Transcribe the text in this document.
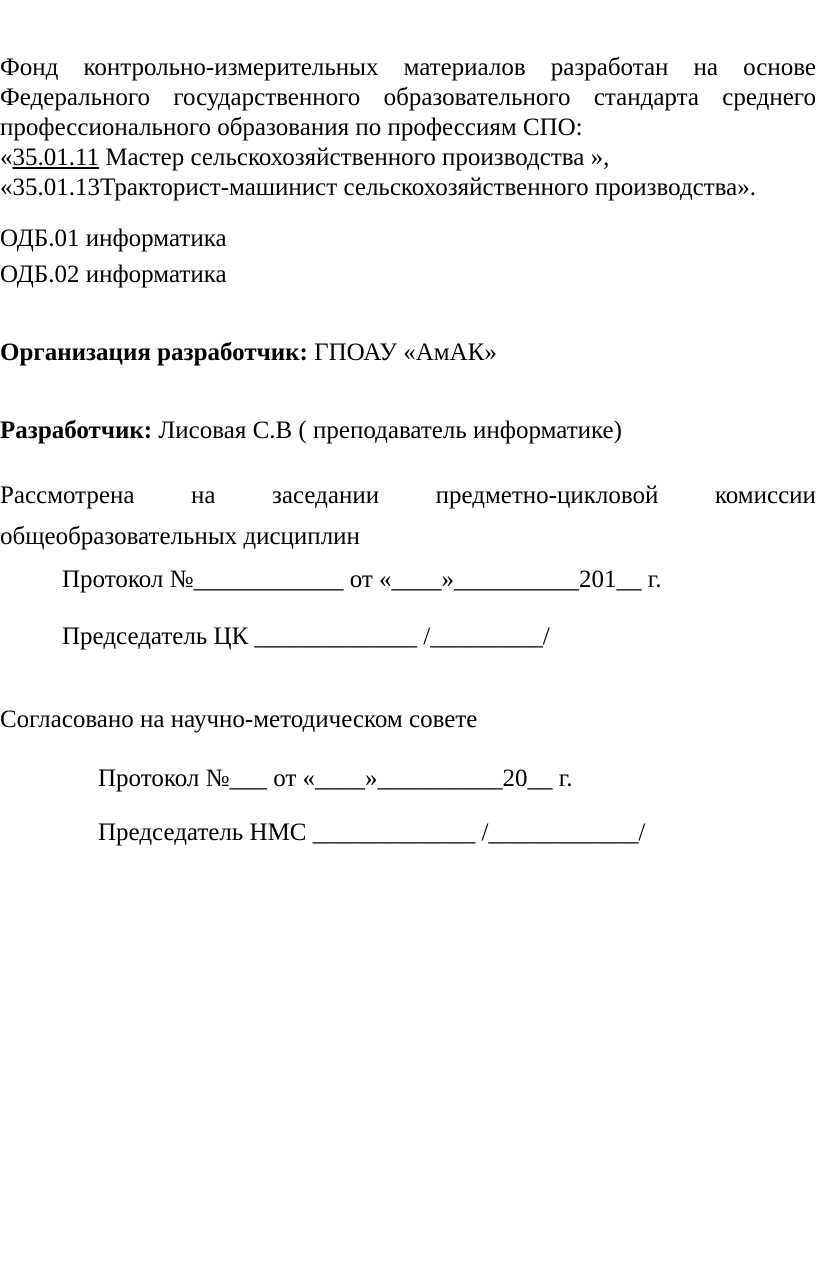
Фонд контрольно-измерительных материалов разработан на основе
Федерального государственного образовательного стандарта среднего
профессионального образования по профессиям СПО:
«35.01.11 Мастер сельскохозяйственного производства »,
«35.01.13Тракторист-машинист сельскохозяйственного производства».
ОДБ.01 информатика
ОДБ.02 информатика
Организация разработчик: ГПОАУ «АмАК»
Разработчик: Лисовая С.В ( преподаватель информатике)
Рассмотрена на заседании предметно-цикловой комиссии
общеобразовательных дисциплин
Протокол №____________ от «____»__________201__ г.
Председатель ЦК _____________ /_________/
Согласовано на научно-методическом совете
Протокол №___ от «____»__________20__ г.
Председатель НМС _____________ /____________/
